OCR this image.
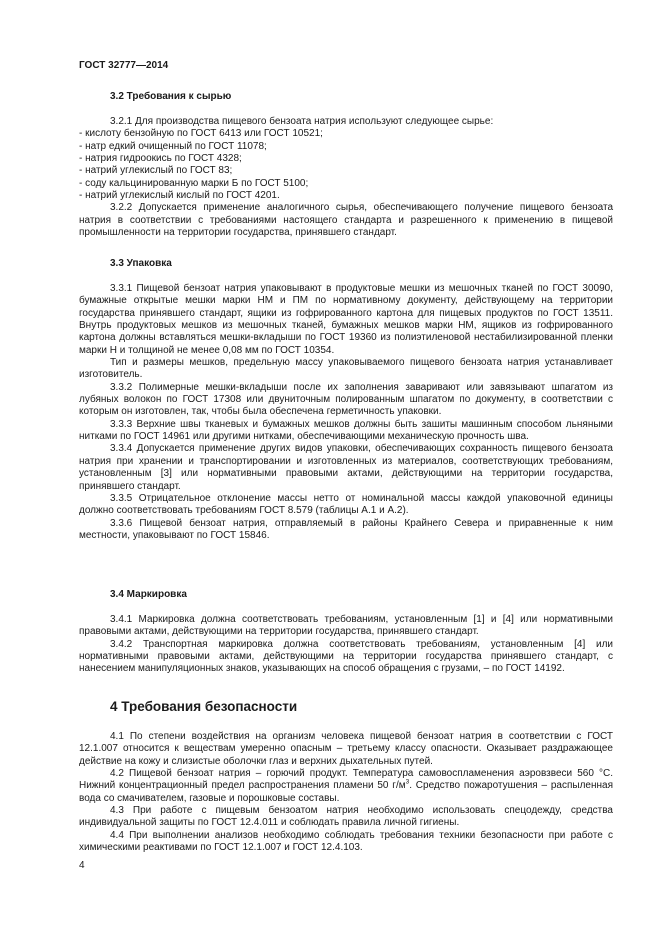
ГОСТ 32777—2014
3.2 Требования к сырью

3.2.1 Для производства пищевого бензоата натрия используют следующее сырье:

- кислоту бензойную по ГОСТ 6413 или ГОСТ 10521;

- натр едкий очищенный по ГОСТ 11078;

- натрия гидроокись по ГОСТ 4328;

- натрий углекислый по ГОСТ 83;

- соду кальцинированную марки Б по ГОСТ 5100;

- натрий углекислый кислый по ГОСТ 4201.

3.2.2 Допускается применение аналогичного сырья, обеспечивающего получение пищевого бензоата натрия в соответствии с требованиями настоящего стандарта и разрешенного к применению в пищевой промышленности на территории государства, принявшего стандарт.

3.3 Упаковка

3.3.1 Пищевой бензоат натрия упаковывают в продуктовые мешки из мешочных тканей по ГОСТ 30090, бумажные открытые мешки марки НМ и ПМ по нормативному документу, действующему на территории государства принявшего стандарт, ящики из гофрированного картона для пищевых продуктов по ГОСТ 13511. Внутрь продуктовых мешков из мешочных тканей, бумажных мешков марки НМ, ящиков из гофрированного картона должны вставляться мешки-вкладыши по ГОСТ 19360 из полиэтиленовой нестабилизированной пленки марки Н и толщиной не менее 0,08 мм по ГОСТ 10354.

Тип и размеры мешков, предельную массу упаковываемого пищевого бензоата натрия устанавливает изготовитель.

3.3.2 Полимерные мешки-вкладыши после их заполнения заваривают или завязывают шпагатом из лубяных волокон по ГОСТ 17308 или двуниточным полированным шпагатом по документу, в соответствии с которым он изготовлен, так, чтобы была обеспечена герметичность упаковки.

3.3.3 Верхние швы тканевых и бумажных мешков должны быть зашиты машинным способом льняными нитками по ГОСТ 14961 или другими нитками, обеспечивающими механическую прочность шва.

3.3.4 Допускается применение других видов упаковки, обеспечивающих сохранность пищевого бензоата натрия при хранении и транспортировании и изготовленных из материалов, соответствующих требованиям, установленным [3] или нормативными правовыми актами, действующими на территории государства, принявшего стандарт.

3.3.5 Отрицательное отклонение массы нетто от номинальной массы каждой упаковочной единицы должно соответствовать требованиям ГОСТ 8.579 (таблицы А.1 и А.2).

3.3.6 Пищевой бензоат натрия, отправляемый в районы Крайнего Севера и приравненные к ним местности, упаковывают по ГОСТ 15846.

3.4 Маркировка

3.4.1 Маркировка должна соответствовать требованиям, установленным [1] и [4] или нормативными правовыми актами, действующими на территории государства, принявшего стандарт.

3.4.2 Транспортная маркировка должна соответствовать требованиям, установленным [4] или нормативными правовыми актами, действующими на территории государства принявшего стандарт, с нанесением манипуляционных знаков, указывающих на способ обращения с грузами, – по ГОСТ 14192.

4 Требования безопасности

4.1 По степени воздействия на организм человека пищевой бензоат натрия в соответствии с ГОСТ 12.1.007 относится к веществам умеренно опасным – третьему классу опасности. Оказывает раздражающее действие на кожу и слизистые оболочки глаз и верхних дыхательных путей.

4.2 Пищевой бензоат натрия – горючий продукт. Температура самовоспламенения аэровзвеси 560 °С. Нижний концентрационный предел распространения пламени 50 $г/м^3$. Средство пожаротушения – распыленная вода со смачивателем, газовые и порошковые составы.

4.3 При работе с пищевым бензоатом натрия необходимо использовать спецодежду, средства индивидуальной защиты по ГОСТ 12.4.011 и соблюдать правила личной гигиены.

4.4 При выполнении анализов необходимо соблюдать требования техники безопасности при работе с химическими реактивами по ГОСТ 12.1.007 и ГОСТ 12.4.103.

4
